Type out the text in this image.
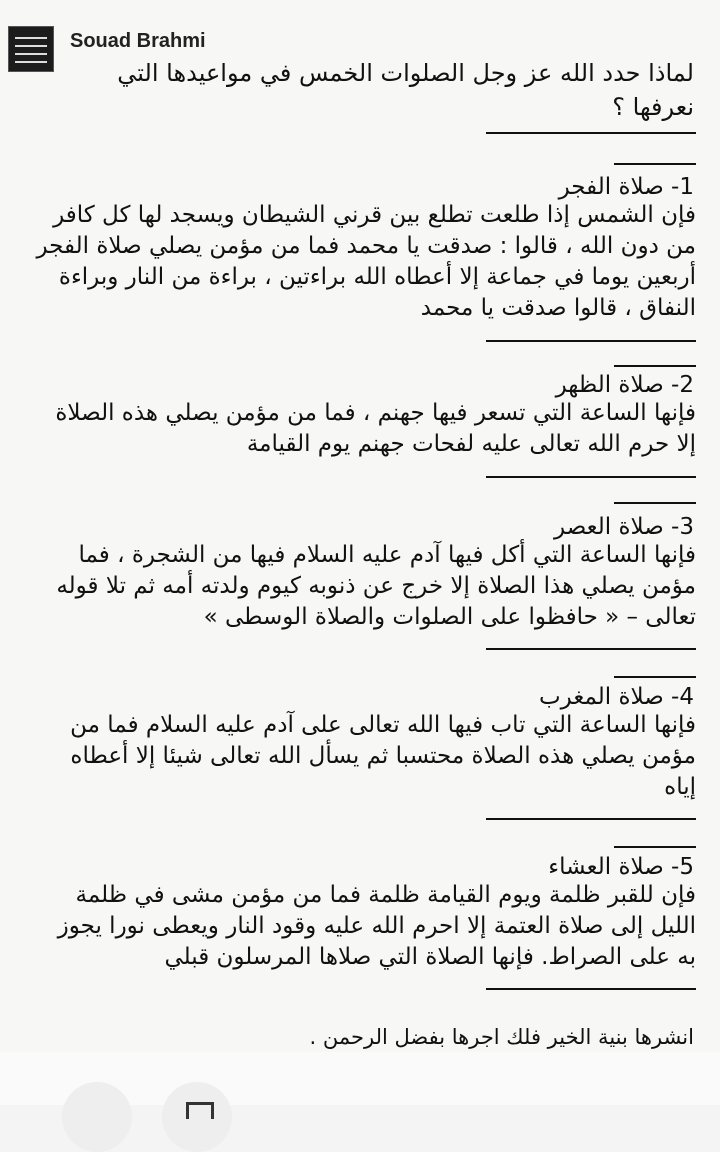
Souad Brahmi
لماذا حدد الله عز وجل الصلوات الخمس في مواعيدها التي نعرفها ؟
1- صلاة الفجر
فإن الشمس إذا طلعت تطلع بين قرني الشيطان ويسجد لها كل كافر من دون الله ، قالوا : صدقت يا محمد فما من مؤمن يصلي صلاة الفجر أربعين يوما في جماعة إلا أعطاه الله براءتين ، براءة من النار وبراءة النفاق ، قالوا صدقت يا محمد
2- صلاة الظهر
فإنها الساعة التي تسعر فيها جهنم ، فما من مؤمن يصلي هذه الصلاة إلا حرم الله تعالى عليه لفحات جهنم يوم القيامة
3- صلاة العصر
فإنها الساعة التي أكل فيها آدم عليه السلام فيها من الشجرة ، فما مؤمن يصلي هذا الصلاة إلا خرج عن ذنوبه كيوم ولدته أمه ثم تلا قوله تعالى – « حافظوا على الصلوات والصلاة الوسطى »
4- صلاة المغرب
فإنها الساعة التي تاب فيها الله تعالى على آدم عليه السلام فما من مؤمن يصلي هذه الصلاة محتسبا ثم يسأل الله تعالى شيئا إلا أعطاه إياه
5- صلاة العشاء
فإن للقبر ظلمة ويوم القيامة ظلمة فما من مؤمن مشى في ظلمة الليل إلى صلاة العتمة إلا احرم الله عليه وقود النار ويعطى نورا يجوز به على الصراط. فإنها الصلاة التي صلاها المرسلون قبلي
انشرها بنية الخير فلك اجرها بفضل الرحمن .
